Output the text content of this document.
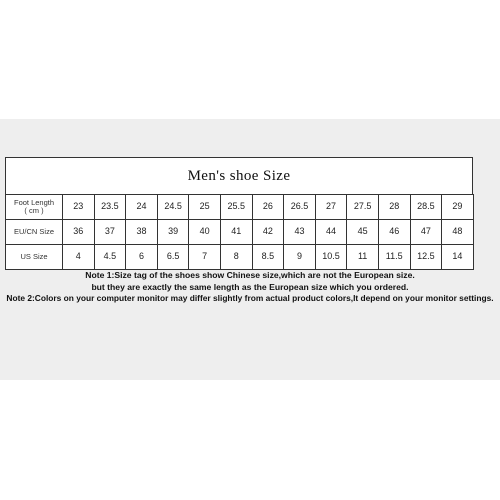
Men's shoe Size
Foot Length
( cm )	23	23.5	24	24.5	25	25.5	26	26.5	27	27.5	28	28.5	29
EU/CN Size	36	37	38	39	40	41	42	43	44	45	46	47	48
US Size	4	4.5	6	6.5	7	8	8.5	9	10.5	11	11.5	12.5	14
Note 1:Size tag of the shoes show Chinese size,which are not the European size.
but they are exactly the same length as the European size which you ordered.
Note 2:Colors on your computer monitor may differ slightly from actual product colors,It depend on your monitor settings.
